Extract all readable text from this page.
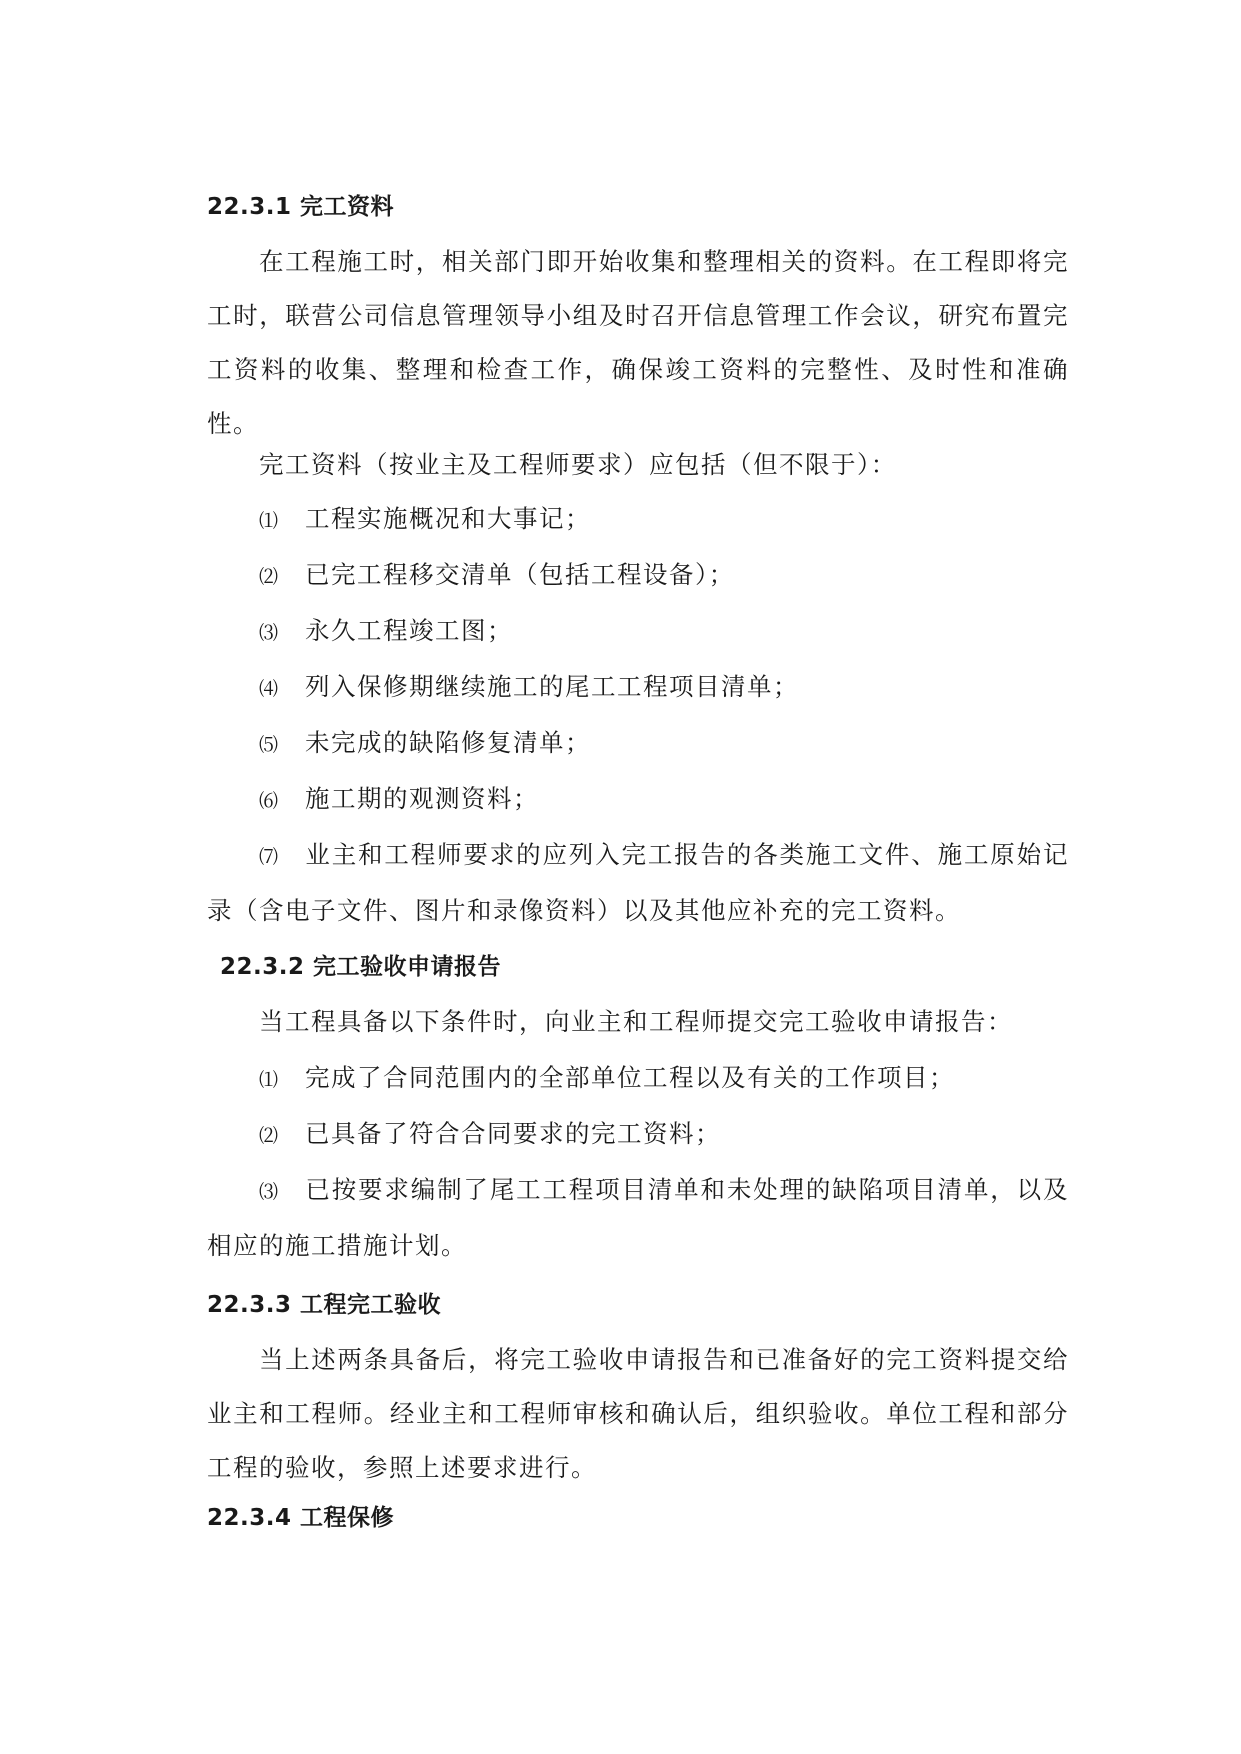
22.3.1 完工资料
在工程施工时，相关部门即开始收集和整理相关的资料。在工程即将完工时，联营公司信息管理领导小组及时召开信息管理工作会议，研究布置完工资料的收集、整理和检查工作，确保竣工资料的完整性、及时性和准确性。
完工资料（按业主及工程师要求）应包括（但不限于）：
⑴ 工程实施概况和大事记；
⑵ 已完工程移交清单（包括工程设备）；
⑶ 永久工程竣工图；
⑷ 列入保修期继续施工的尾工工程项目清单；
⑸ 未完成的缺陷修复清单；
⑹ 施工期的观测资料；
⑺ 业主和工程师要求的应列入完工报告的各类施工文件、施工原始记录（含电子文件、图片和录像资料）以及其他应补充的完工资料。
22.3.2 完工验收申请报告
当工程具备以下条件时，向业主和工程师提交完工验收申请报告：
⑴ 完成了合同范围内的全部单位工程以及有关的工作项目；
⑵ 已具备了符合合同要求的完工资料；
⑶ 已按要求编制了尾工工程项目清单和未处理的缺陷项目清单，以及相应的施工措施计划。
22.3.3 工程完工验收
当上述两条具备后，将完工验收申请报告和已准备好的完工资料提交给业主和工程师。经业主和工程师审核和确认后，组织验收。单位工程和部分工程的验收，参照上述要求进行。
22.3.4 工程保修
